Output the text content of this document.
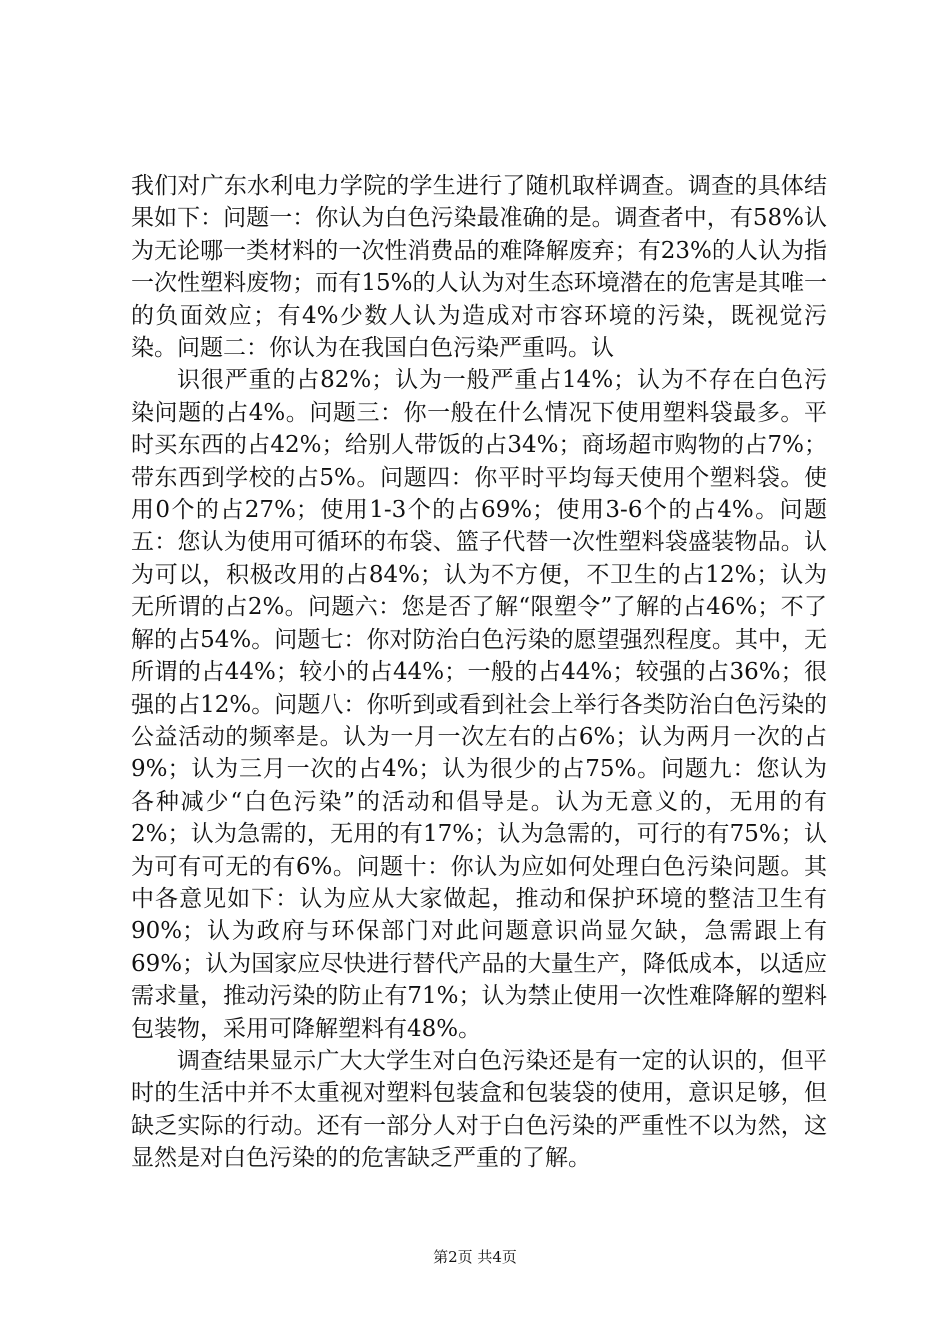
我们对广东水利电力学院的学生进行了随机取样调查。调查的具体结果如下：问题一：你认为白色污染最准确的是。调查者中，有58%认为无论哪一类材料的一次性消费品的难降解废弃；有23%的人认为指一次性塑料废物；而有15%的人认为对生态环境潜在的危害是其唯一的负面效应；有4%少数人认为造成对市容环境的污染，既视觉污染。问题二：你认为在我国白色污染严重吗。认

识很严重的占82%；认为一般严重占14%；认为不存在白色污染问题的占4%。问题三：你一般在什么情况下使用塑料袋最多。平时买东西的占42%；给别人带饭的占34%；商场超市购物的占7%；带东西到学校的占5%。问题四：你平时平均每天使用个塑料袋。使用0个的占27%；使用1-3个的占69%；使用3-6个的占4%。问题五：您认为使用可循环的布袋、篮子代替一次性塑料袋盛装物品。认为可以，积极改用的占84%；认为不方便，不卫生的占12%；认为无所谓的占2%。问题六：您是否了解“限塑令”了解的占46%；不了解的占54%。问题七：你对防治白色污染的愿望强烈程度。其中，无所谓的占44%；较小的占44%；一般的占44%；较强的占36%；很强的占12%。问题八：你听到或看到社会上举行各类防治白色污染的公益活动的频率是。认为一月一次左右的占6%；认为两月一次的占9%；认为三月一次的占4%；认为很少的占75%。问题九：您认为各种减少“白色污染”的活动和倡导是。认为无意义的，无用的有2%；认为急需的，无用的有17%；认为急需的，可行的有75%；认为可有可无的有6%。问题十：你认为应如何处理白色污染问题。其中各意见如下：认为应从大家做起，推动和保护环境的整洁卫生有90%；认为政府与环保部门对此问题意识尚显欠缺，急需跟上有69%；认为国家应尽快进行替代产品的大量生产，降低成本，以适应需求量，推动污染的防止有71%；认为禁止使用一次性难降解的塑料包装物，采用可降解塑料有48%。

调查结果显示广大大学生对白色污染还是有一定的认识的，但平时的生活中并不太重视对塑料包装盒和包装袋的使用，意识足够，但缺乏实际的行动。还有一部分人对于白色污染的严重性不以为然，这显然是对白色污染的的危害缺乏严重的了解。

第2页 共4页
